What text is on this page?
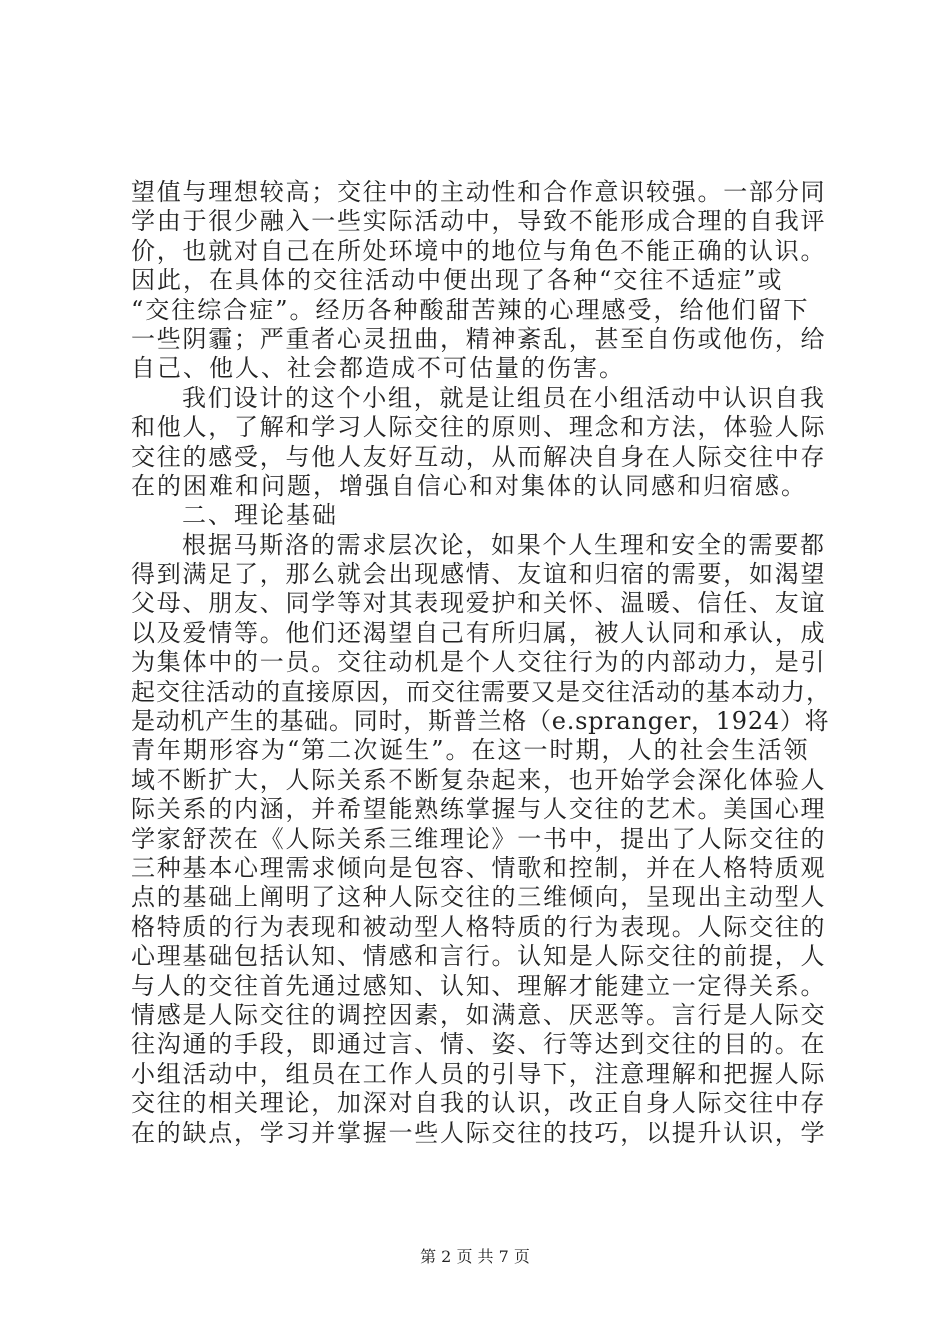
望值与理想较高；交往中的主动性和合作意识较强。一部分同
学由于很少融入一些实际活动中，导致不能形成合理的自我评
价，也就对自己在所处环境中的地位与角色不能正确的认识。
因此，在具体的交往活动中便出现了各种“交往不适症”或
“交往综合症”。经历各种酸甜苦辣的心理感受，给他们留下
一些阴霾；严重者心灵扭曲，精神紊乱，甚至自伤或他伤，给
自己、他人、社会都造成不可估量的伤害。
我们设计的这个小组，就是让组员在小组活动中认识自我
和他人，了解和学习人际交往的原则、理念和方法，体验人际
交往的感受，与他人友好互动，从而解决自身在人际交往中存
在的困难和问题，增强自信心和对集体的认同感和归宿感。
二、理论基础
根据马斯洛的需求层次论，如果个人生理和安全的需要都
得到满足了，那么就会出现感情、友谊和归宿的需要，如渴望
父母、朋友、同学等对其表现爱护和关怀、温暖、信任、友谊
以及爱情等。他们还渴望自己有所归属，被人认同和承认，成
为集体中的一员。交往动机是个人交往行为的内部动力，是引
起交往活动的直接原因，而交往需要又是交往活动的基本动力，
是动机产生的基础。同时，斯普兰格（e.spranger，1924）将
青年期形容为“第二次诞生”。在这一时期，人的社会生活领
域不断扩大，人际关系不断复杂起来，也开始学会深化体验人
际关系的内涵，并希望能熟练掌握与人交往的艺术。美国心理
学家舒茨在《人际关系三维理论》一书中，提出了人际交往的
三种基本心理需求倾向是包容、情歌和控制，并在人格特质观
点的基础上阐明了这种人际交往的三维倾向，呈现出主动型人
格特质的行为表现和被动型人格特质的行为表现。人际交往的
心理基础包括认知、情感和言行。认知是人际交往的前提，人
与人的交往首先通过感知、认知、理解才能建立一定得关系。
情感是人际交往的调控因素，如满意、厌恶等。言行是人际交
往沟通的手段，即通过言、情、姿、行等达到交往的目的。在
小组活动中，组员在工作人员的引导下，注意理解和把握人际
交往的相关理论，加深对自我的认识，改正自身人际交往中存
在的缺点，学习并掌握一些人际交往的技巧，以提升认识，学
第 2 页 共 7 页
